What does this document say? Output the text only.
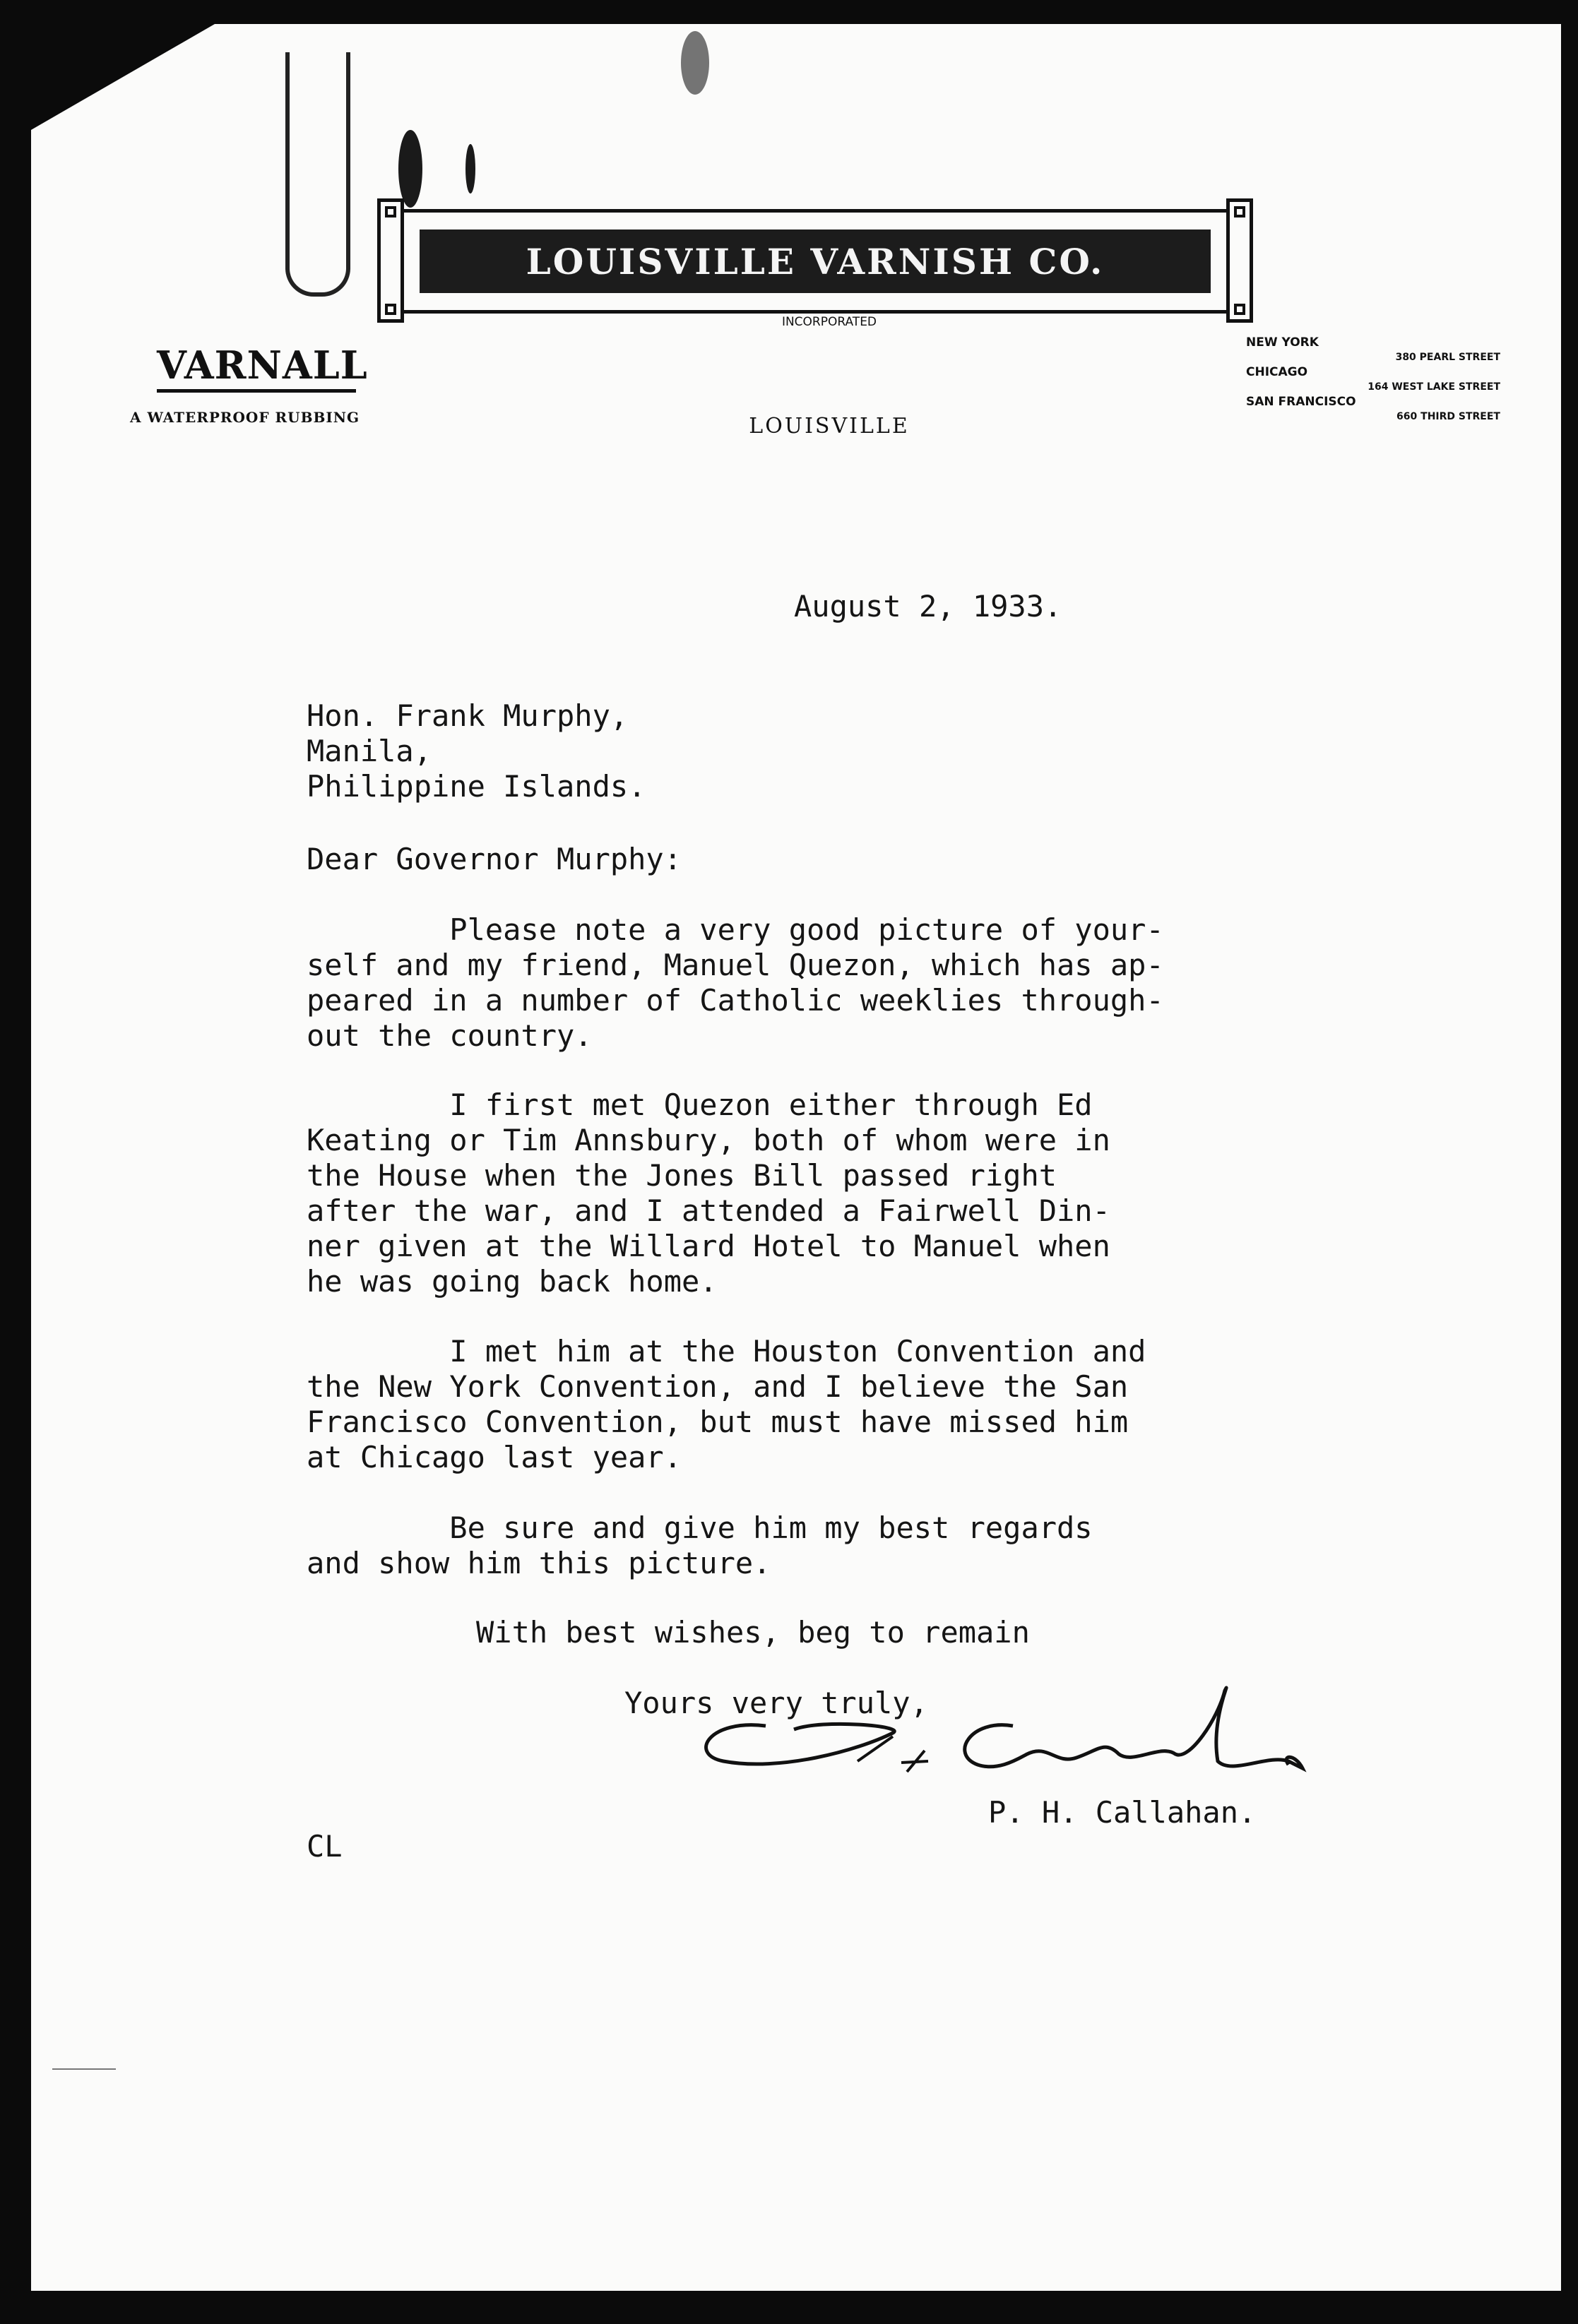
LOUISVILLE VARNISH CO.
INCORPORATED
VARNALL
A WATERPROOF RUBBING	LOUISVILLE
NEW YORK
380 PEARL STREET
CHICAGO
164 WEST LAKE STREET
SAN FRANCISCO
660 THIRD STREET
August 2, 1933.
Hon. Frank Murphy,
Manila,
Philippine Islands.
Dear Governor Murphy:
Please note a very good picture of your-
self and my friend, Manuel Quezon, which has ap-
peared in a number of Catholic weeklies through-
out the country.
I first met Quezon either through Ed
Keating or Tim Annsbury, both of whom were in
the House when the Jones Bill passed right
after the war, and I attended a Fairwell Din-
ner given at the Willard Hotel to Manuel when
he was going back home.
I met him at the Houston Convention and
the New York Convention, and I believe the San
Francisco Convention, but must have missed him
at Chicago last year.
Be sure and give him my best regards
and show him this picture.
With best wishes, beg to remain
Yours very truly,
P. H. Callahan.
CL
